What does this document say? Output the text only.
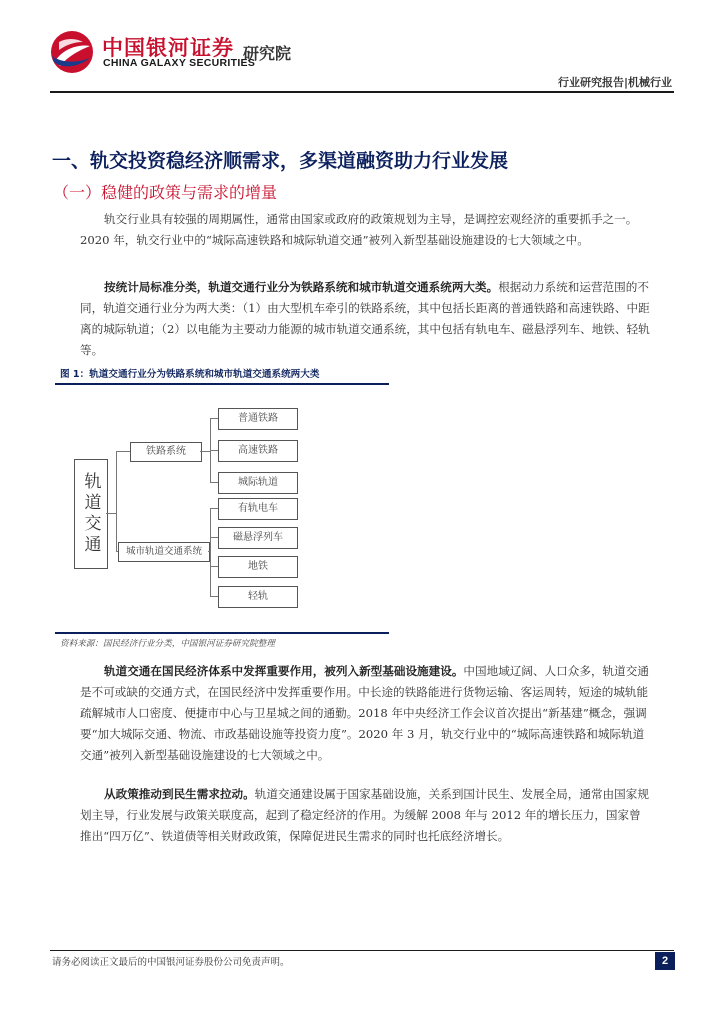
中国银河证券
CHINA GALAXY SECURITIES
研究院
行业研究报告|机械行业
一、轨交投资稳经济顺需求，多渠道融资助力行业发展
（一）稳健的政策与需求的增量

轨交行业具有较强的周期属性，通常由国家或政府的政策规划为主导，是调控宏观经济的重要抓手之一。2020 年，轨交行业中的“城际高速铁路和城际轨道交通”被列入新型基础设施建设的七大领域之中。

按统计局标准分类，轨道交通行业分为铁路系统和城市轨道交通系统两大类。根据动力系统和运营范围的不同，轨道交通行业分为两大类：（1）由大型机车牵引的铁路系统，其中包括长距离的普通铁路和高速铁路、中距离的城际轨道；（2）以电能为主要动力能源的城市轨道交通系统，其中包括有轨电车、磁悬浮列车、地铁、轻轨等。

图 1：轨道交通行业分为铁路系统和城市轨道交通系统两大类
轨道交通
铁路系统
城市轨道交通系统
普通铁路
高速铁路
城际轨道
有轨电车
磁悬浮列车
地铁
轻轨
资料来源：国民经济行业分类，中国银河证券研究院整理

轨道交通在国民经济体系中发挥重要作用，被列入新型基础设施建设。中国地域辽阔、人口众多，轨道交通是不可或缺的交通方式，在国民经济中发挥重要作用。中长途的铁路能进行货物运输、客运周转，短途的城轨能疏解城市人口密度、便捷市中心与卫星城之间的通勤。2018 年中央经济工作会议首次提出“新基建”概念，强调要“加大城际交通、物流、市政基础设施等投资力度”。2020 年 3 月，轨交行业中的“城际高速铁路和城际轨道交通”被列入新型基础设施建设的七大领域之中。

从政策推动到民生需求拉动。轨道交通建设属于国家基础设施，关系到国计民生、发展全局，通常由国家规划主导，行业发展与政策关联度高，起到了稳定经济的作用。为缓解 2008 年与 2012 年的增长压力，国家曾推出“四万亿”、铁道债等相关财政政策，保障促进民生需求的同时也托底经济增长。

请务必阅读正文最后的中国银河证券股份公司免责声明。	2
